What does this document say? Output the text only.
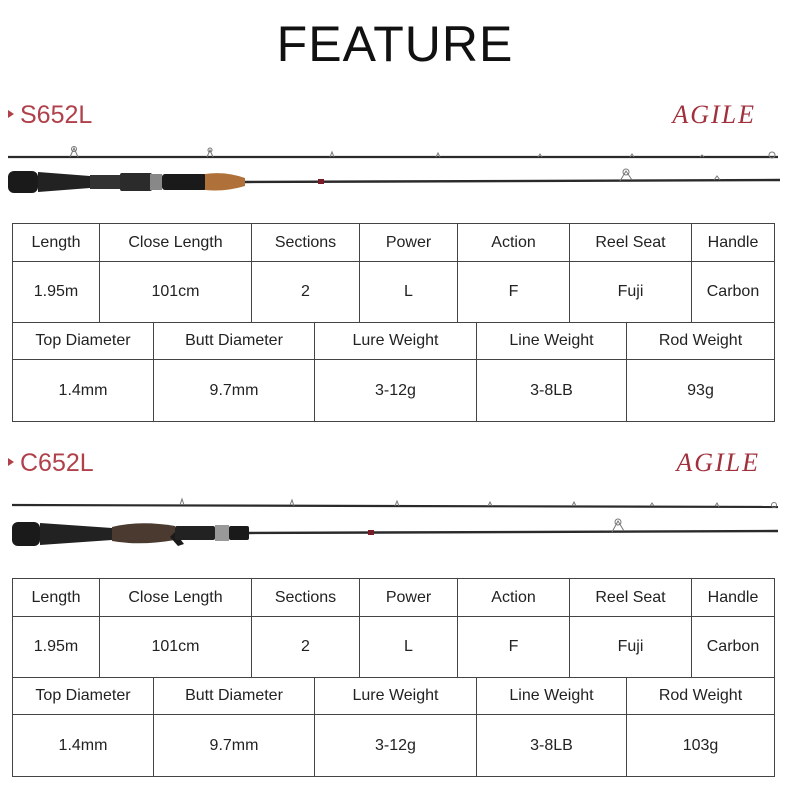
FEATURE
S652L	AGILE
Length	Close Length	Sections	Power	Action	Reel Seat	Handle
1.95m	101cm	2	L	F	Fuji	Carbon
Top Diameter	Butt Diameter	Lure Weight	Line Weight	Rod Weight
1.4mm	9.7mm	3-12g	3-8LB	93g
C652L	AGILE
Length	Close Length	Sections	Power	Action	Reel Seat	Handle
1.95m	101cm	2	L	F	Fuji	Carbon
Top Diameter	Butt Diameter	Lure Weight	Line Weight	Rod Weight
1.4mm	9.7mm	3-12g	3-8LB	103g
